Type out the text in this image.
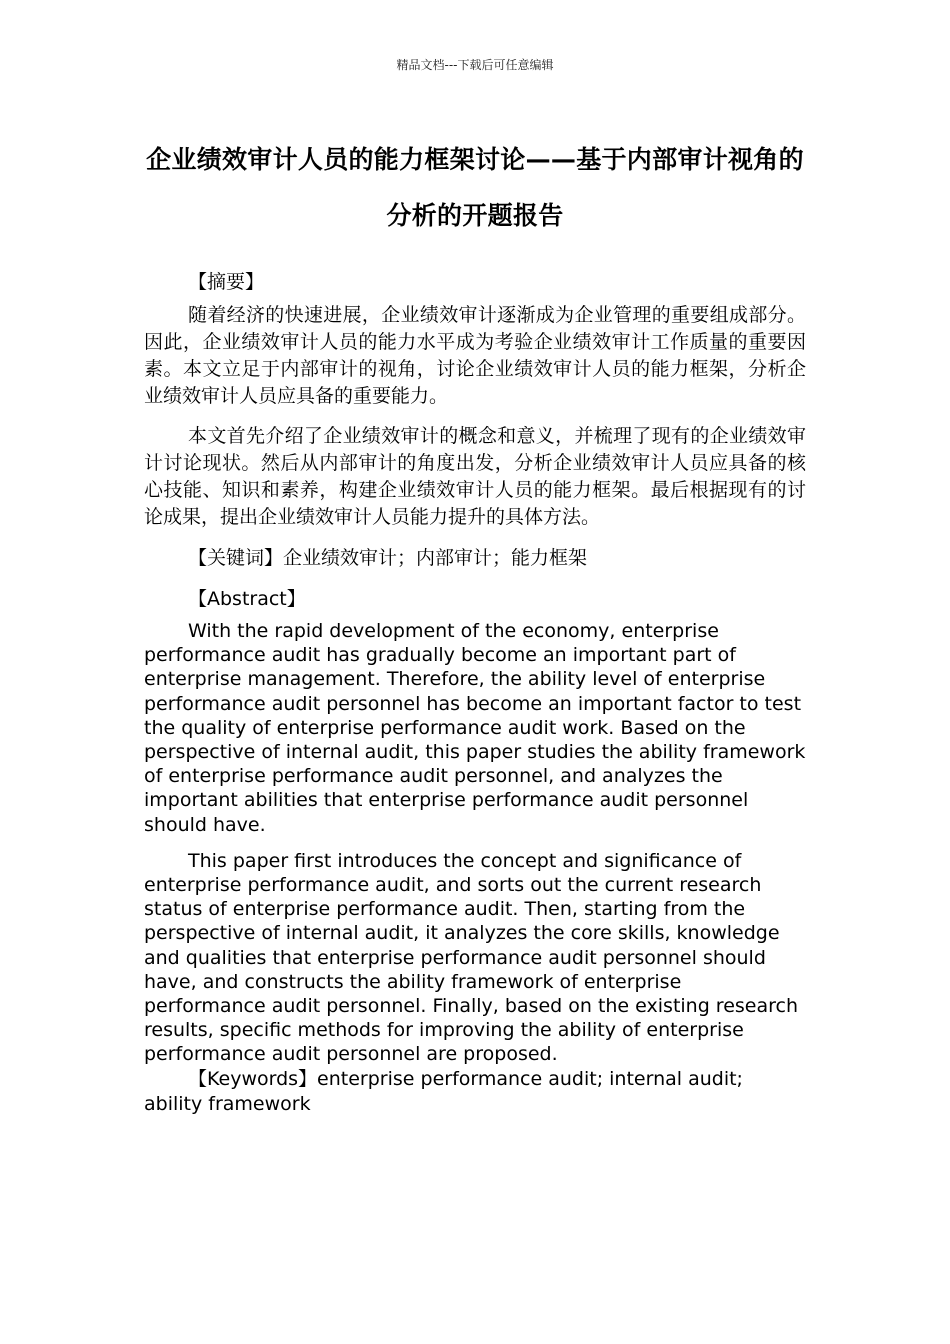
精品文档---下载后可任意编辑
企业绩效审计人员的能力框架讨论——基于内部审计视角的分析的开题报告

【摘要】

随着经济的快速进展，企业绩效审计逐渐成为企业管理的重要组成部分。因此，企业绩效审计人员的能力水平成为考验企业绩效审计工作质量的重要因素。本文立足于内部审计的视角，讨论企业绩效审计人员的能力框架，分析企业绩效审计人员应具备的重要能力。

本文首先介绍了企业绩效审计的概念和意义，并梳理了现有的企业绩效审计讨论现状。然后从内部审计的角度出发，分析企业绩效审计人员应具备的核心技能、知识和素养，构建企业绩效审计人员的能力框架。最后根据现有的讨论成果，提出企业绩效审计人员能力提升的具体方法。

【关键词】企业绩效审计；内部审计；能力框架

【Abstract】

With the rapid development of the economy, enterprise performance audit has gradually become an important part of enterprise management. Therefore, the ability level of enterprise performance audit personnel has become an important factor to test the quality of enterprise performance audit work. Based on the perspective of internal audit, this paper studies the ability framework of enterprise performance audit personnel, and analyzes the important abilities that enterprise performance audit personnel should have.

This paper first introduces the concept and significance of enterprise performance audit, and sorts out the current research status of enterprise performance audit. Then, starting from the perspective of internal audit, it analyzes the core skills, knowledge and qualities that enterprise performance audit personnel should have, and constructs the ability framework of enterprise performance audit personnel. Finally, based on the existing research results, specific methods for improving the ability of enterprise performance audit personnel are proposed.

【Keywords】enterprise performance audit; internal audit; ability framework
